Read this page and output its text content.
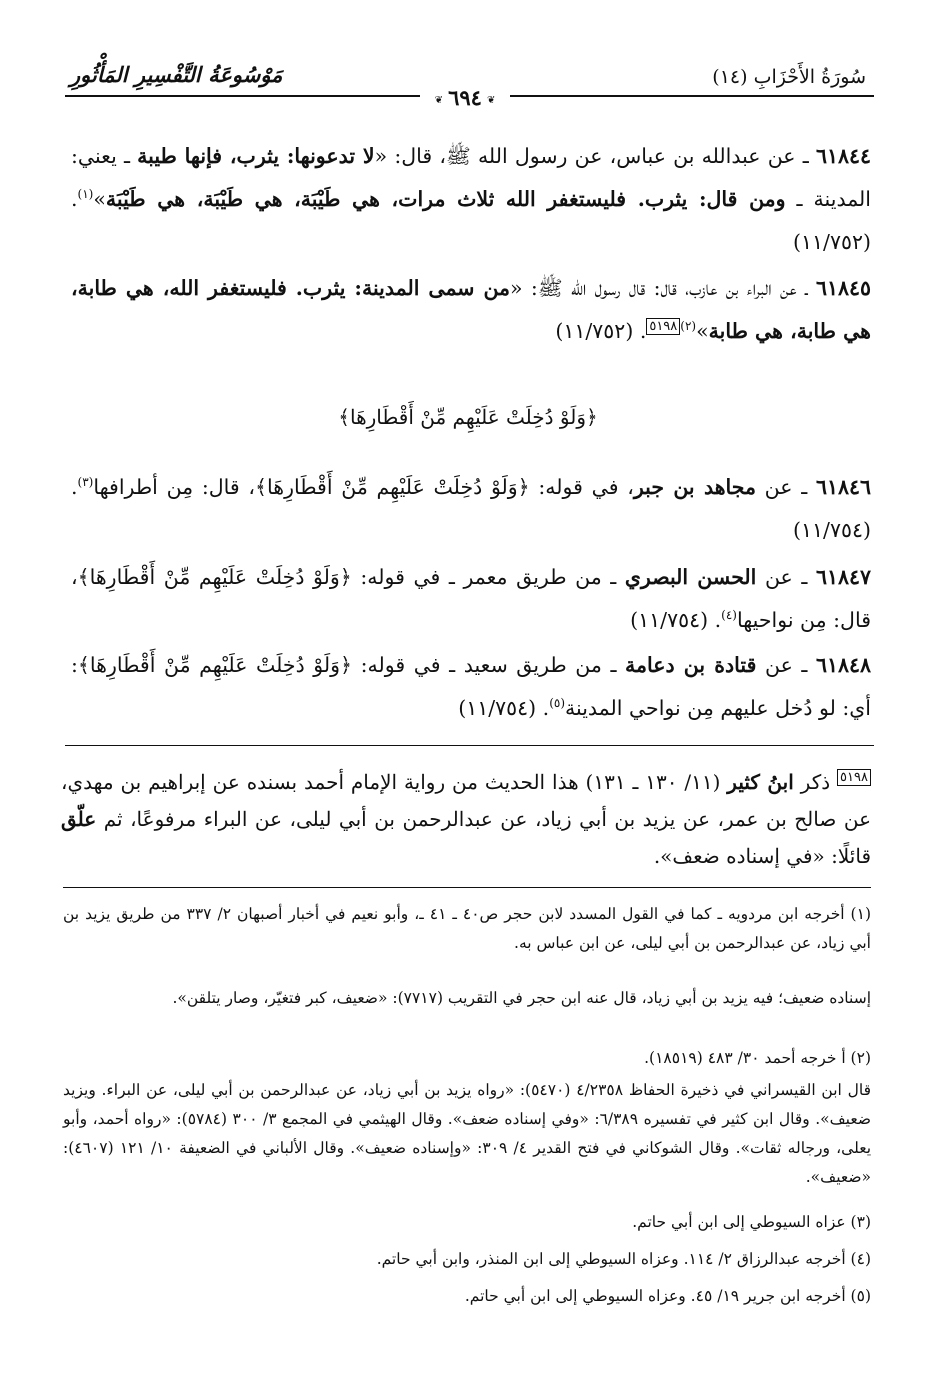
سُورَةُ الأَحْزَابِ (١٤)
مَوْسُوعَةُ التَّفْسِيرِ المَأْثُورِ
❦ ٦٩٤ ❦
٦١٨٤٤ ـ عن عبدالله بن عباس، عن رسول الله ﷺ، قال: «لا تدعونها: يثرب، فإنها طيبة ـ يعني: المدينة ـ ومن قال: يثرب. فليستغفر الله ثلاث مرات، هي طَيْبَة، هي طَيْبَة، هي طَيْبَة»$^{(١)}$. (١١/٧٥٢)
٦١٨٤٥ ـ عن البراء بن عازب، قال: قال رسول الله ﷺ: «من سمى المدينة: يثرب. فليستغفر الله، هي طابة، هي طابة، هي طابة»$^{(٢)٥١٩٨}$. (١١/٧٥٢)
﴿وَلَوْ دُخِلَتْ عَلَيْهِم مِّنْ أَقْطَارِهَا﴾
٦١٨٤٦ ـ عن مجاهد بن جبر، في قوله: ﴿وَلَوْ دُخِلَتْ عَلَيْهِم مِّنْ أَقْطَارِهَا﴾، قال: مِن أطرافها$^{(٣)}$. (١١/٧٥٤)
٦١٨٤٧ ـ عن الحسن البصري ـ من طريق معمر ـ في قوله: ﴿وَلَوْ دُخِلَتْ عَلَيْهِم مِّنْ أَقْطَارِهَا﴾، قال: مِن نواحيها$^{(٤)}$. (١١/٧٥٤)
٦١٨٤٨ ـ عن قتادة بن دعامة ـ من طريق سعيد ـ في قوله: ﴿وَلَوْ دُخِلَتْ عَلَيْهِم مِّنْ أَقْطَارِهَا﴾: أي: لو دُخل عليهم مِن نواحي المدينة$^{(٥)}$. (١١/٧٥٤)
$^{٥١٩٨}$ ذكر ابنُ كثير (١١/ ١٣٠ ـ ١٣١) هذا الحديث من رواية الإمام أحمد بسنده عن إبراهيم بن مهدي، عن صالح بن عمر، عن يزيد بن أبي زياد، عن عبدالرحمن بن أبي ليلى، عن البراء مرفوعًا، ثم علّق قائلًا: «في إسناده ضعف».
(١) أخرجه ابن مردويه ـ كما في القول المسدد لابن حجر ص٤٠ ـ ٤١ ـ، وأبو نعيم في أخبار أصبهان ٢/ ٣٣٧ من طريق يزيد بن أبي زياد، عن عبدالرحمن بن أبي ليلى، عن ابن عباس به.
إسناده ضعيف؛ فيه يزيد بن أبي زياد، قال عنه ابن حجر في التقريب (٧٧١٧): «ضعيف، كبر فتغيّر، وصار يتلقن».
(٢) أ خرجه أحمد ٣٠/ ٤٨٣ (١٨٥١٩).
قال ابن القيسراني في ذخيرة الحفاظ ٤/٢٣٥٨ (٥٤٧٠): «رواه يزيد بن أبي زياد، عن عبدالرحمن بن أبي ليلى، عن البراء. ويزيد ضعيف». وقال ابن كثير في تفسيره ٦/٣٨٩: «وفي إسناده ضعف». وقال الهيثمي في المجمع ٣/ ٣٠٠ (٥٧٨٤): «رواه أحمد، وأبو يعلى، ورجاله ثقات». وقال الشوكاني في فتح القدير ٤/ ٣٠٩: «وإسناده ضعيف». وقال الألباني في الضعيفة ١٠/ ١٢١ (٤٦٠٧): «ضعيف».
(٣) عزاه السيوطي إلى ابن أبي حاتم.
(٤) أخرجه عبدالرزاق ٢/ ١١٤. وعزاه السيوطي إلى ابن المنذر، وابن أبي حاتم.
(٥) أخرجه ابن جرير ١٩/ ٤٥. وعزاه السيوطي إلى ابن أبي حاتم.
